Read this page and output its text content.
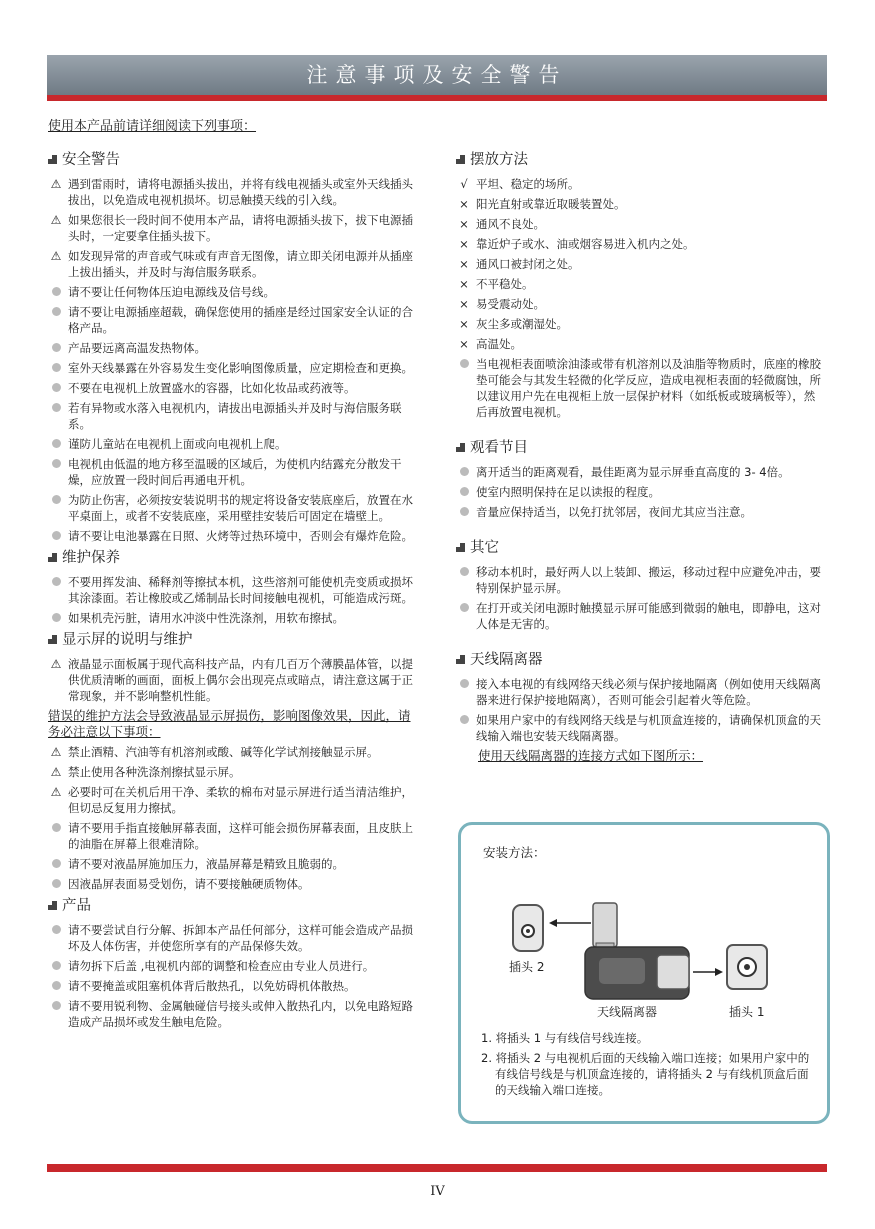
注意事项及安全警告
使用本产品前请详细阅读下列事项：
安全警告
⚠ 遇到雷雨时，请将电源插头拔出，并将有线电视插头或室外天线插头拔出，以免造成电视机损坏。切忌触摸天线的引入线。
⚠ 如果您很长一段时间不使用本产品，请将电源插头拔下，拔下电源插头时，一定要拿住插头拔下。
⚠ 如发现异常的声音或气味或有声音无图像，请立即关闭电源并从插座上拔出插头，并及时与海信服务联系。
请不要让任何物体压迫电源线及信号线。
请不要让电源插座超载，确保您使用的插座是经过国家安全认证的合格产品。
产品要远离高温发热物体。
室外天线暴露在外容易发生变化影响图像质量，应定期检查和更换。
不要在电视机上放置盛水的容器，比如化妆品或药液等。
若有异物或水落入电视机内，请拔出电源插头并及时与海信服务联系。
谨防儿童站在电视机上面或向电视机上爬。
电视机由低温的地方移至温暖的区域后，为使机内结露充分散发干燥，应放置一段时间后再通电开机。
为防止伤害，必须按安装说明书的规定将设备安装底座后，放置在水平桌面上，或者不安装底座，采用壁挂安装后可固定在墙壁上。
请不要让电池暴露在日照、火烤等过热环境中，否则会有爆炸危险。
维护保养
不要用挥发油、稀释剂等擦拭本机，这些溶剂可能使机壳变质或损坏其涂漆面。若让橡胶或乙烯制品长时间接触电视机，可能造成污斑。
如果机壳污脏，请用水冲淡中性洗涤剂，用软布擦拭。
显示屏的说明与维护
⚠ 液晶显示面板属于现代高科技产品，内有几百万个薄膜晶体管，以提供优质清晰的画面，面板上偶尔会出现亮点或暗点，请注意这属于正常现象，并不影响整机性能。
错误的维护方法会导致液晶显示屏损伤，影响图像效果，因此，请务必注意以下事项：
⚠ 禁止酒精、汽油等有机溶剂或酸、碱等化学试剂接触显示屏。
⚠ 禁止使用各种洗涤剂擦拭显示屏。
⚠ 必要时可在关机后用干净、柔软的棉布对显示屏进行适当清洁维护，但切忌反复用力擦拭。
请不要用手指直接触屏幕表面，这样可能会损伤屏幕表面，且皮肤上的油脂在屏幕上很难清除。
请不要对液晶屏施加压力，液晶屏幕是精致且脆弱的。
因液晶屏表面易受划伤，请不要接触硬质物体。
产品
请不要尝试自行分解、拆卸本产品任何部分，这样可能会造成产品损坏及人体伤害，并使您所享有的产品保修失效。
请勿拆下后盖 ,电视机内部的调整和检查应由专业人员进行。
请不要掩盖或阻塞机体背后散热孔，以免妨碍机体散热。
请不要用锐利物、金属触碰信号接头或伸入散热孔内，以免电路短路造成产品损坏或发生触电危险。
摆放方法
√ 平坦、稳定的场所。
× 阳光直射或靠近取暖装置处。
× 通风不良处。
× 靠近炉子或水、油或烟容易进入机内之处。
× 通风口被封闭之处。
× 不平稳处。
× 易受震动处。
× 灰尘多或潮湿处。
× 高温处。
当电视柜表面喷涂油漆或带有机溶剂以及油脂等物质时，底座的橡胶垫可能会与其发生轻微的化学反应，造成电视柜表面的轻微腐蚀，所以建议用户先在电视柜上放一层保护材料（如纸板或玻璃板等），然后再放置电视机。
观看节目
离开适当的距离观看，最佳距离为显示屏垂直高度的 3- 4倍。
使室内照明保持在足以读报的程度。
音量应保持适当，以免打扰邻居，夜间尤其应当注意。
其它
移动本机时，最好两人以上装卸、搬运，移动过程中应避免冲击，要特别保护显示屏。
在打开或关闭电源时触摸显示屏可能感到微弱的触电，即静电，这对人体是无害的。
天线隔离器
接入本电视的有线网络天线必须与保护接地隔离（例如使用天线隔离器来进行保护接地隔离），否则可能会引起着火等危险。
如果用户家中的有线网络天线是与机顶盒连接的，请确保机顶盒的天线输入端也安装天线隔离器。
使用天线隔离器的连接方式如下图所示：
安装方法：
插头 2
天线隔离器	插头 1
1. 将插头 1 与有线信号线连接。
2. 将插头 2 与电视机后面的天线输入端口连接；如果用户家中的有线信号线是与机顶盒连接的，请将插头 2 与有线机顶盒后面的天线输入端口连接。
IV
